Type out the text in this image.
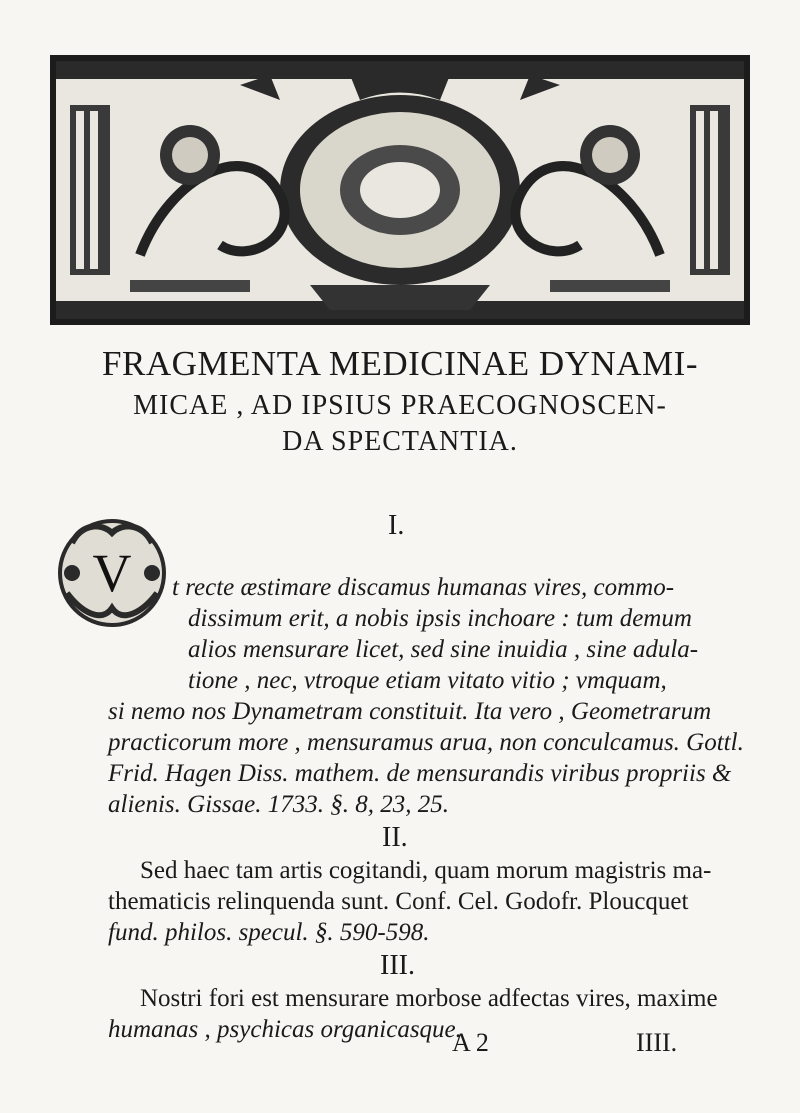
FRAGMENTA MEDICINAE DYNAMI-
MICAE , AD IPSIUS PRAECOGNOSCEN-
DA SPECTANTIA.
I.
V t recte æstimare discamus humanas vires, commo-
dissimum erit, a nobis ipsis inchoare : tum demum
alios mensurare licet, sed sine inuidia , sine adula-
tione , nec, vtroque etiam vitato vitio ; vmquam,
si nemo nos Dynametram constituit. Ita vero , Geometrarum
practicorum more , mensuramus arua, non conculcamus. Gottl.
Frid. Hagen Diss. mathem. de mensurandis viribus propriis &
alienis. Gissae. 1733. §. 8, 23, 25.
II.
Sed haec tam artis cogitandi, quam morum magistris ma-
thematicis relinquenda sunt. Conf. Cel. Godofr. Ploucquet
fund. philos. specul. §. 590-598.
III.
Nostri fori est mensurare morbose adfectas vires, maxime
humanas , psychicas organicasque.
A 2	IIII.
